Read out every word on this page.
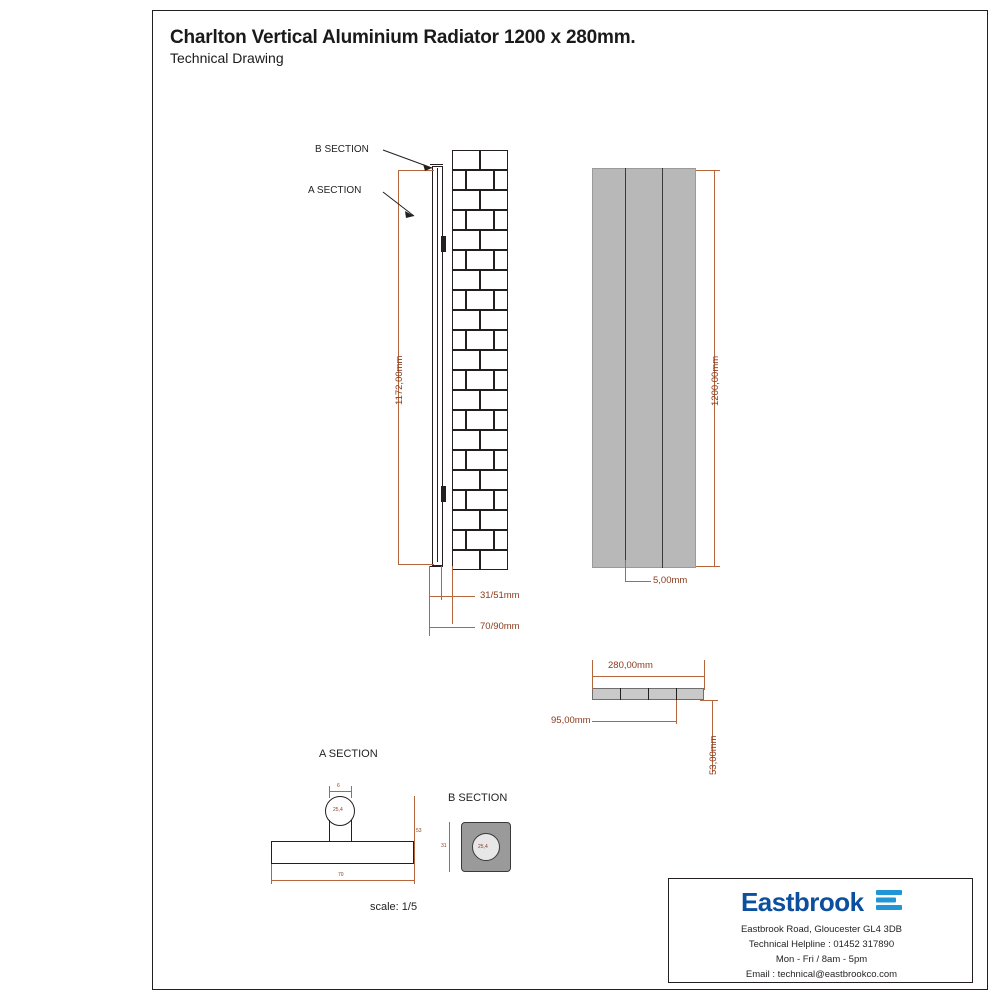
Charlton Vertical Aluminium Radiator 1200 x 280mm.
Technical Drawing
1172,00mm
31/51mm
70/90mm
B SECTION
A SECTION
1200,00mm
5,00mm
280,00mm
95,00mm
53,00mm
A SECTION
6
25,4
53
70
scale: 1/5
B SECTION
31	25,4
Eastbrook
Eastbrook Road, Gloucester GL4 3DB
Technical Helpline : 01452 317890
Mon - Fri / 8am - 5pm
Email : technical@eastbrookco.com
